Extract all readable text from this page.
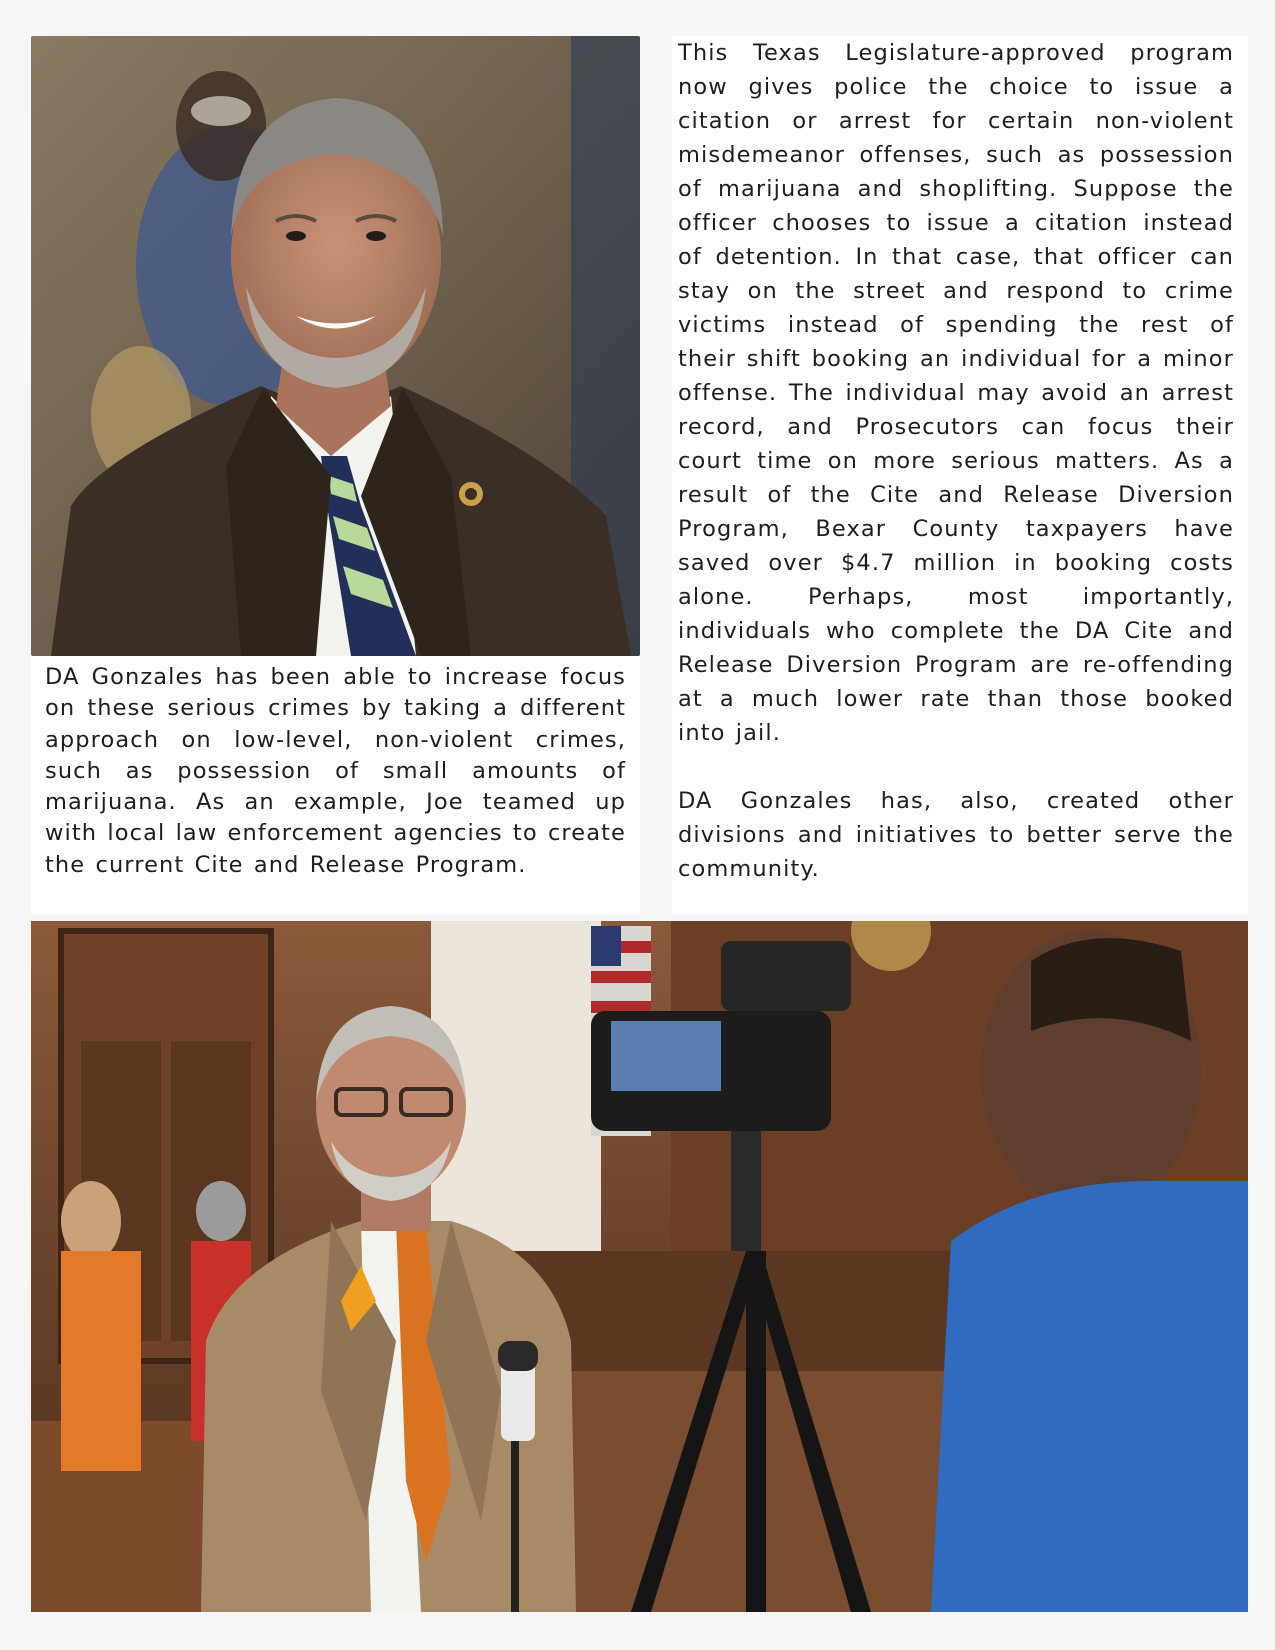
DA Gonzales has been able to increase focus on these serious crimes by taking a different approach on low-level, non-violent crimes, such as possession of small amounts of marijuana. As an example, Joe teamed up with local law enforcement agencies to create the current Cite and Release Program.

This Texas Legislature-approved program now gives police the choice to issue a citation or arrest for certain non-violent misdemeanor offenses, such as possession of marijuana and shoplifting. Suppose the officer chooses to issue a citation instead of detention. In that case, that officer can stay on the street and respond to crime victims instead of spending the rest of their shift booking an individual for a minor offense. The individual may avoid an arrest record, and Prosecutors can focus their court time on more serious matters. As a result of the Cite and Release Diversion Program, Bexar County taxpayers have saved over $4.7 million in booking costs alone. Perhaps, most importantly, individuals who complete the DA Cite and Release Diversion Program are re-offending at a much lower rate than those booked into jail.

DA Gonzales has, also, created other divisions and initiatives to better serve the community.
